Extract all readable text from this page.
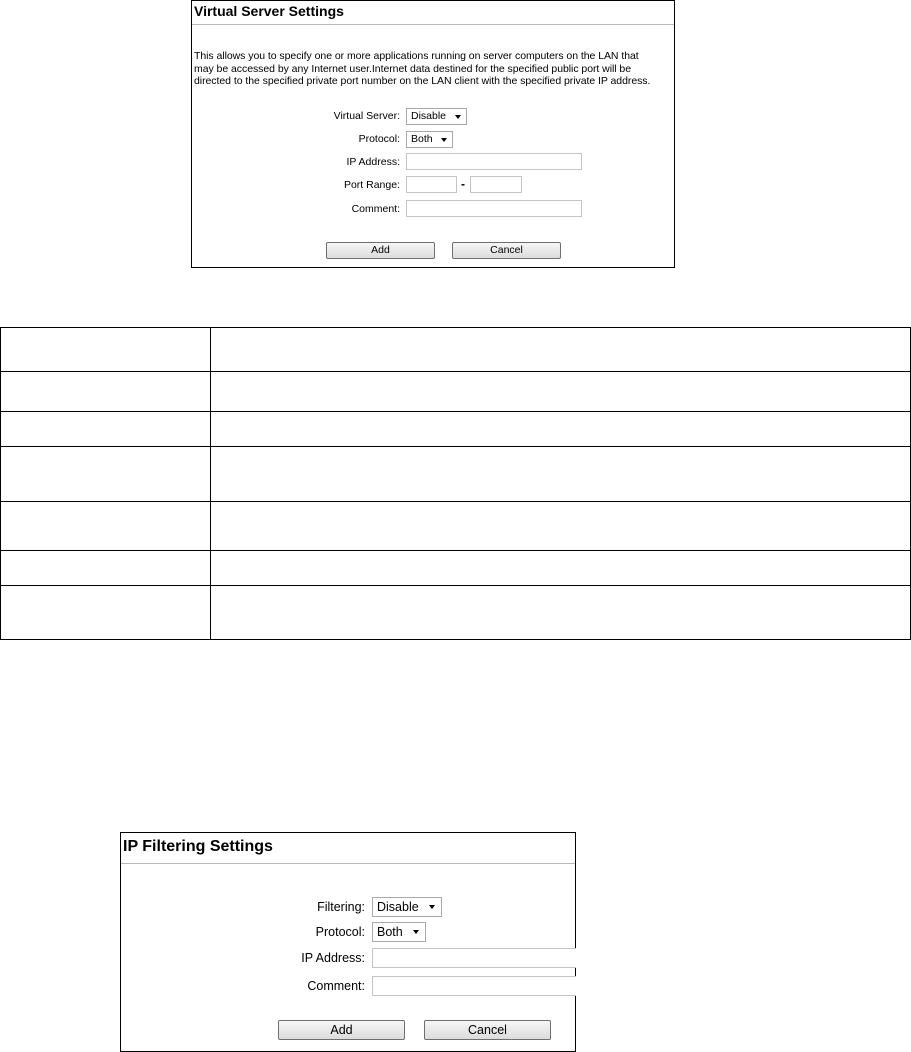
Virtual Server Settings
This allows you to specify one or more applications running on server computers on the LAN that
may be accessed by any Internet user.Internet data destined for the specified public port will be
directed to the specified private port number on the LAN client with the specified private IP address.
Virtual Server:	Disable
Protocol:	Both
IP Address:
Port Range:	-
Comment:
Add	Cancel
IP Filtering Settings
Filtering: Disable
Protocol: Both
IP Address:
Comment:
Add	Cancel
